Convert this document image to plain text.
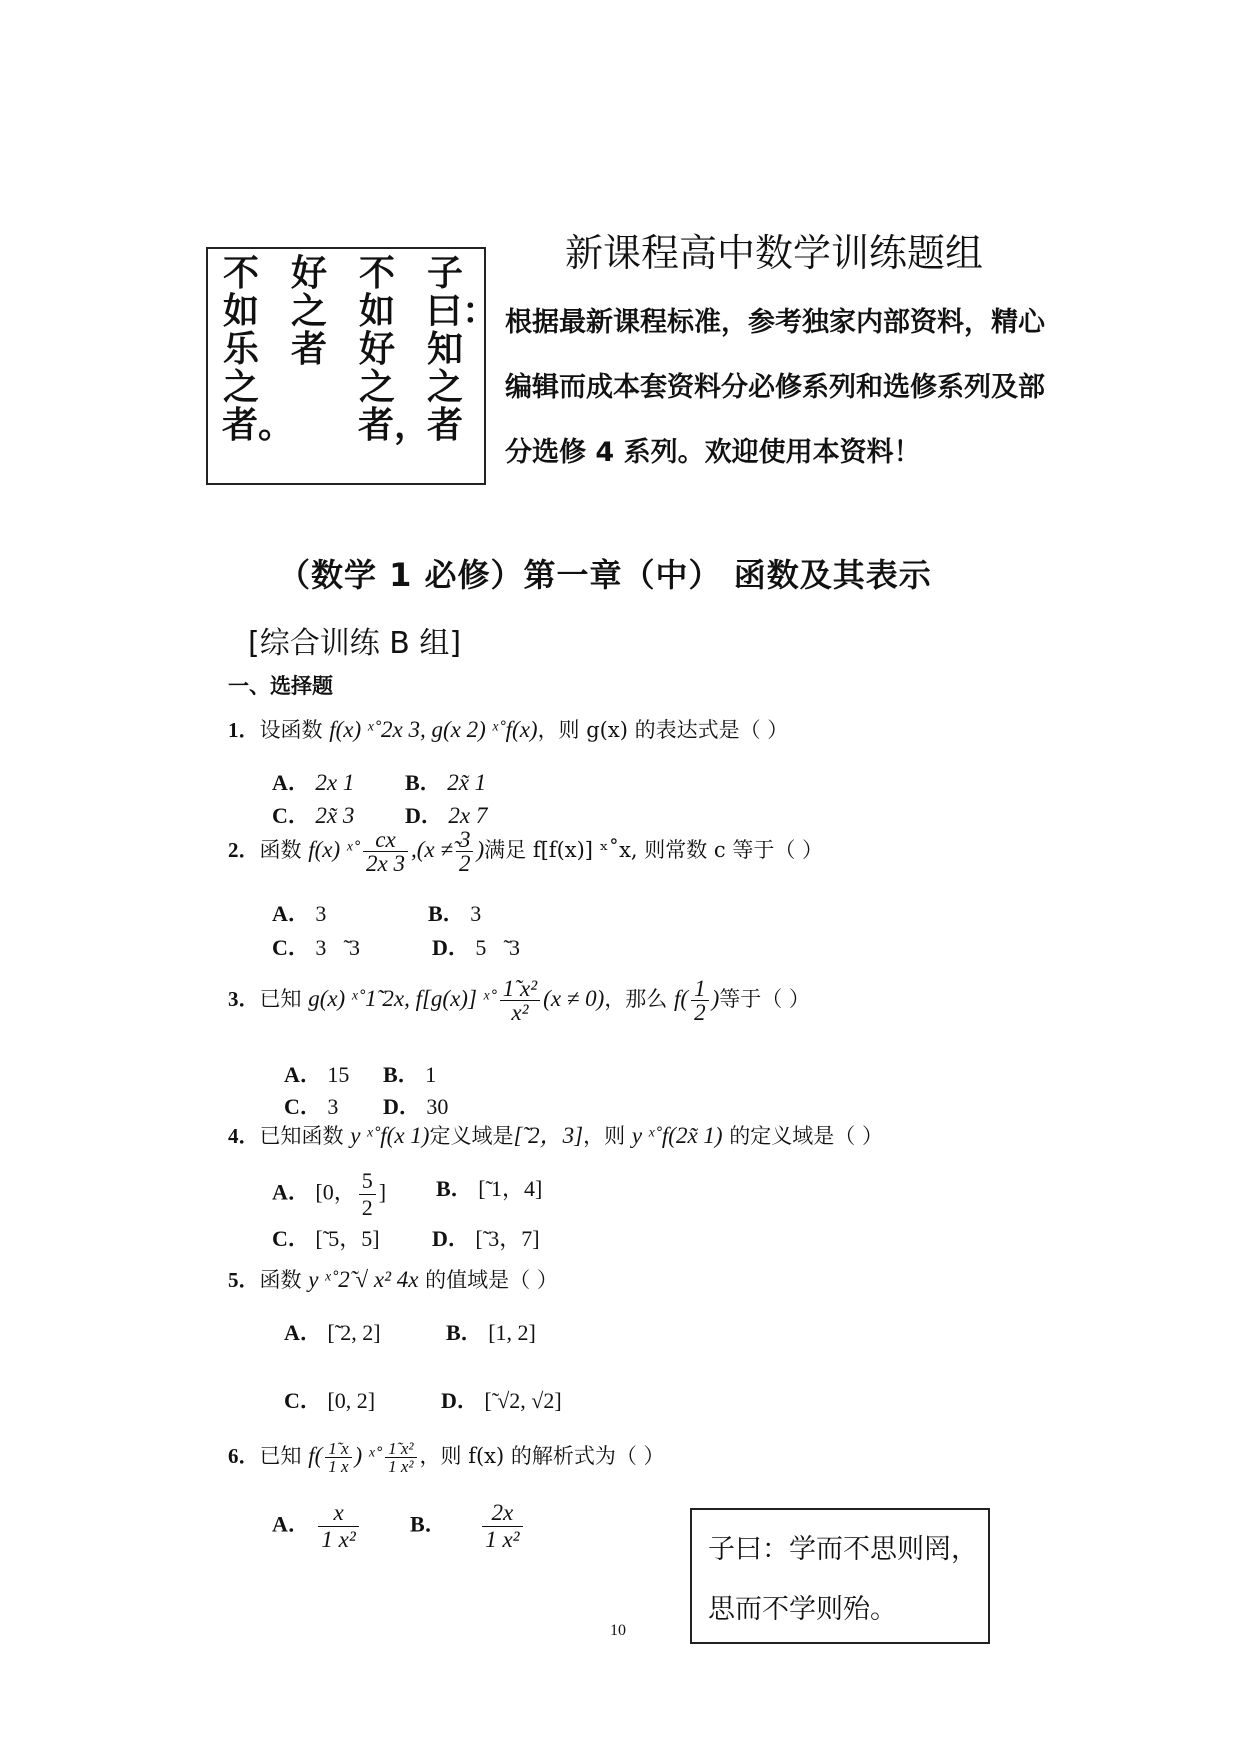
子曰：知之者
不如好之者，
好之者
不如乐之者。
新课程高中数学训练题组
根据最新课程标准，参考独家内部资料，精心
编辑而成本套资料分必修系列和选修系列及部
分选修 4 系列。欢迎使用本资料！
（数学 1 必修）第一章（中） 函数及其表示
[综合训练 B 组]
一、选择题
1．设函数 f(x) ˣ˚2x 3, g(x 2) ˣ˚f(x)，则 g(x) 的表达式是（ ）
A． 2x 1 B． 2x̃ 1
C． 2x̃ 3 D． 2x 7
2．函数 f(x) ˣ˚ $\frac{cx}{2x 3} ,(x$ ≠̃ $\frac{3}{2}$ )满足 f[f(x)] ˣ˚x, 则常数 c 等于（ ）
A． 3	B． 3
C． 3或̃ 3	D． 5或̃ 3
3．已知 g(x) ˣ˚1̃ 2x, f[g(x)] ˣ˚ $\frac{\text{1̃ x²}}{\text{x²}} (x \ne 0)$，那么 $f( \frac{1}{2}$ )等于（ ）
A． 15 B． 1
C． 3 D． 30
4．已知函数 y ˣ˚f(x 1)定义域是[̃ 2，3]，则 y ˣ˚f(2x̃ 1) 的定义域是（ ）
A． [0， $\frac{5}{2}$ ] B． [̃ 1，4]
C． [̃ 5，5] D． [̃ 3，7]
5．函数 y ˣ˚2̃ √ x² 4x 的值域是（ ）
A． [̃ 2, 2]	B． [1, 2]
C． [0, 2]	D． [̃ √2, √2]
6．已知 $f( \frac{1̃ x}{1 x}$ ) ˣ˚ $\frac{\text{1̃ x²}}{\text{1 x²}}$ ，则 f(x) 的解析式为（ ）
A． $\frac{x}{\text{1 x²}}$ B． $\frac{2x}{\text{1 x²}}$	子曰：学而不思则罔，
思而不学则殆。
10
